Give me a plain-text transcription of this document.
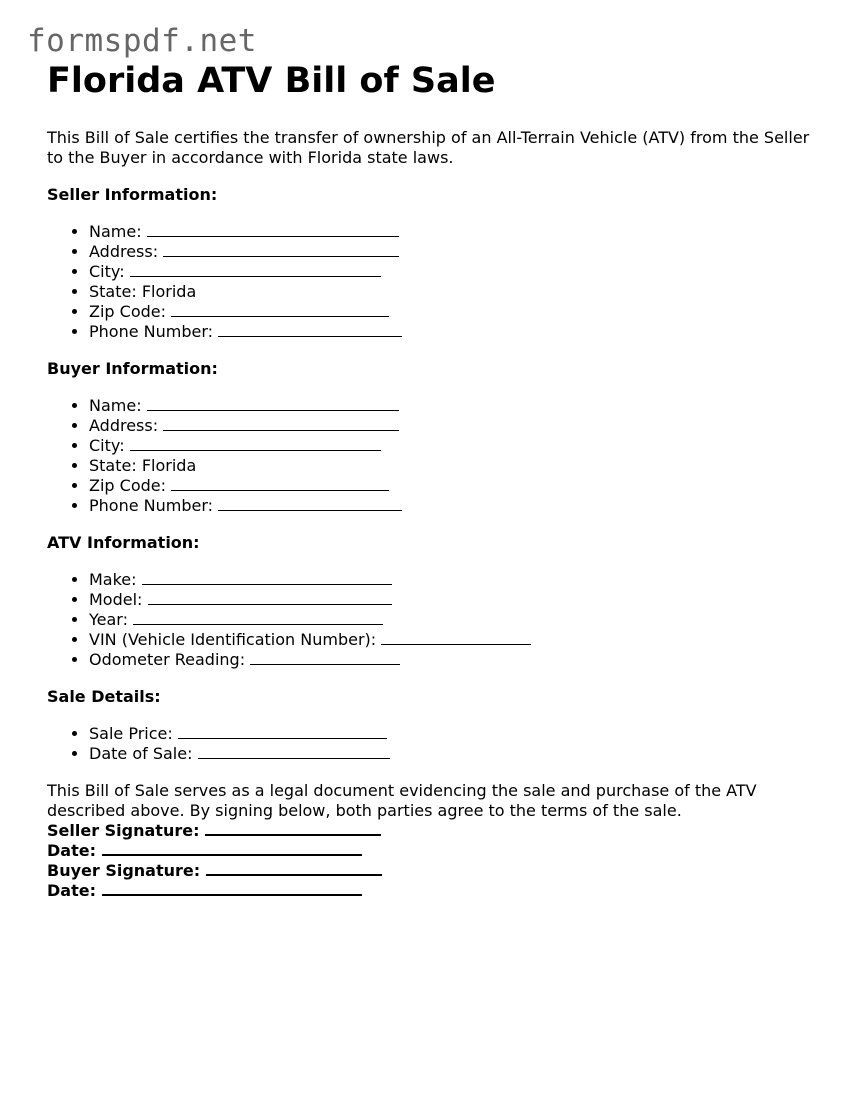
formspdf.net
Florida ATV Bill of Sale

This Bill of Sale certifies the transfer of ownership of an All-Terrain Vehicle (ATV) from the Seller to the Buyer in accordance with Florida state laws.

Seller Information:
• Name:
• Address:
• City:
• State: Florida
• Zip Code:
• Phone Number:
Buyer Information:
• Name:
• Address:
• City:
• State: Florida
• Zip Code:
• Phone Number:
ATV Information:
• Make:
• Model:
• Year:
• VIN (Vehicle Identification Number):
• Odometer Reading:
Sale Details:
• Sale Price:
• Date of Sale:

This Bill of Sale serves as a legal document evidencing the sale and purchase of the ATV described above. By signing below, both parties agree to the terms of the sale.

Seller Signature:

Date:

Buyer Signature:

Date:
